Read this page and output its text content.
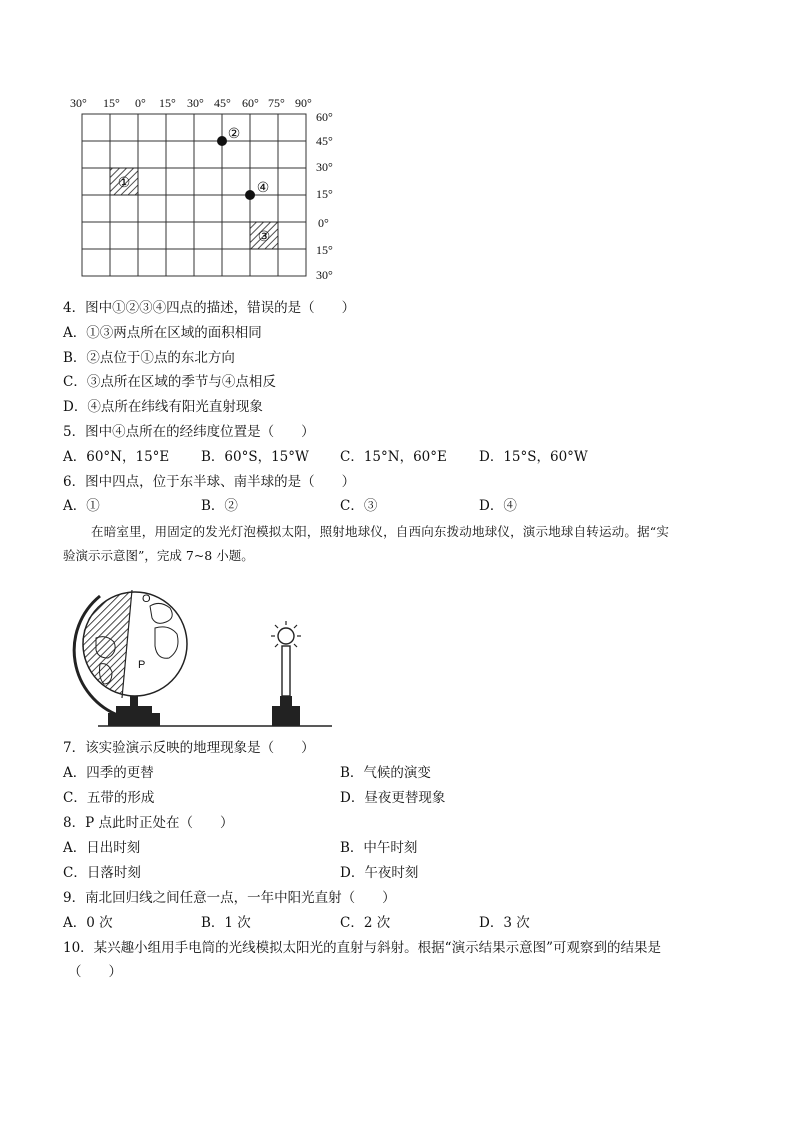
30° 15° 0° 15° 30° 45° 60° 75° 90°
60°
45°
30°
15°
0°
15°
30°
①
③
②
④
4．图中①②③④四点的描述，错误的是（　　）
A．①③两点所在区域的面积相同
B．②点位于①点的东北方向
C．③点所在区域的季节与④点相反
D．④点所在纬线有阳光直射现象
5．图中④点所在的经纬度位置是（　　）
A．60°N，15°E B．60°S，15°W C．15°N，60°E D．15°S，60°W
6．图中四点，位于东半球、南半球的是（　　）
A．①	B．②	C．③	D．④
在暗室里，用固定的发光灯泡模拟太阳，照射地球仪，自西向东拨动地球仪，演示地球自转运动。据“实
验演示示意图”，完成 7~8 小题。
O
P
7．该实验演示反映的地理现象是（　　）
A．四季的更替	B．气候的演变
C．五带的形成	D．昼夜更替现象
8．P 点此时正处在（　　）
A．日出时刻	B．中午时刻
C．日落时刻	D．午夜时刻
9．南北回归线之间任意一点，一年中阳光直射（　　）
A．0 次	B．1 次	C．2 次	D．3 次
10．某兴趣小组用手电筒的光线模拟太阳光的直射与斜射。根据“演示结果示意图”可观察到的结果是
（　　）
